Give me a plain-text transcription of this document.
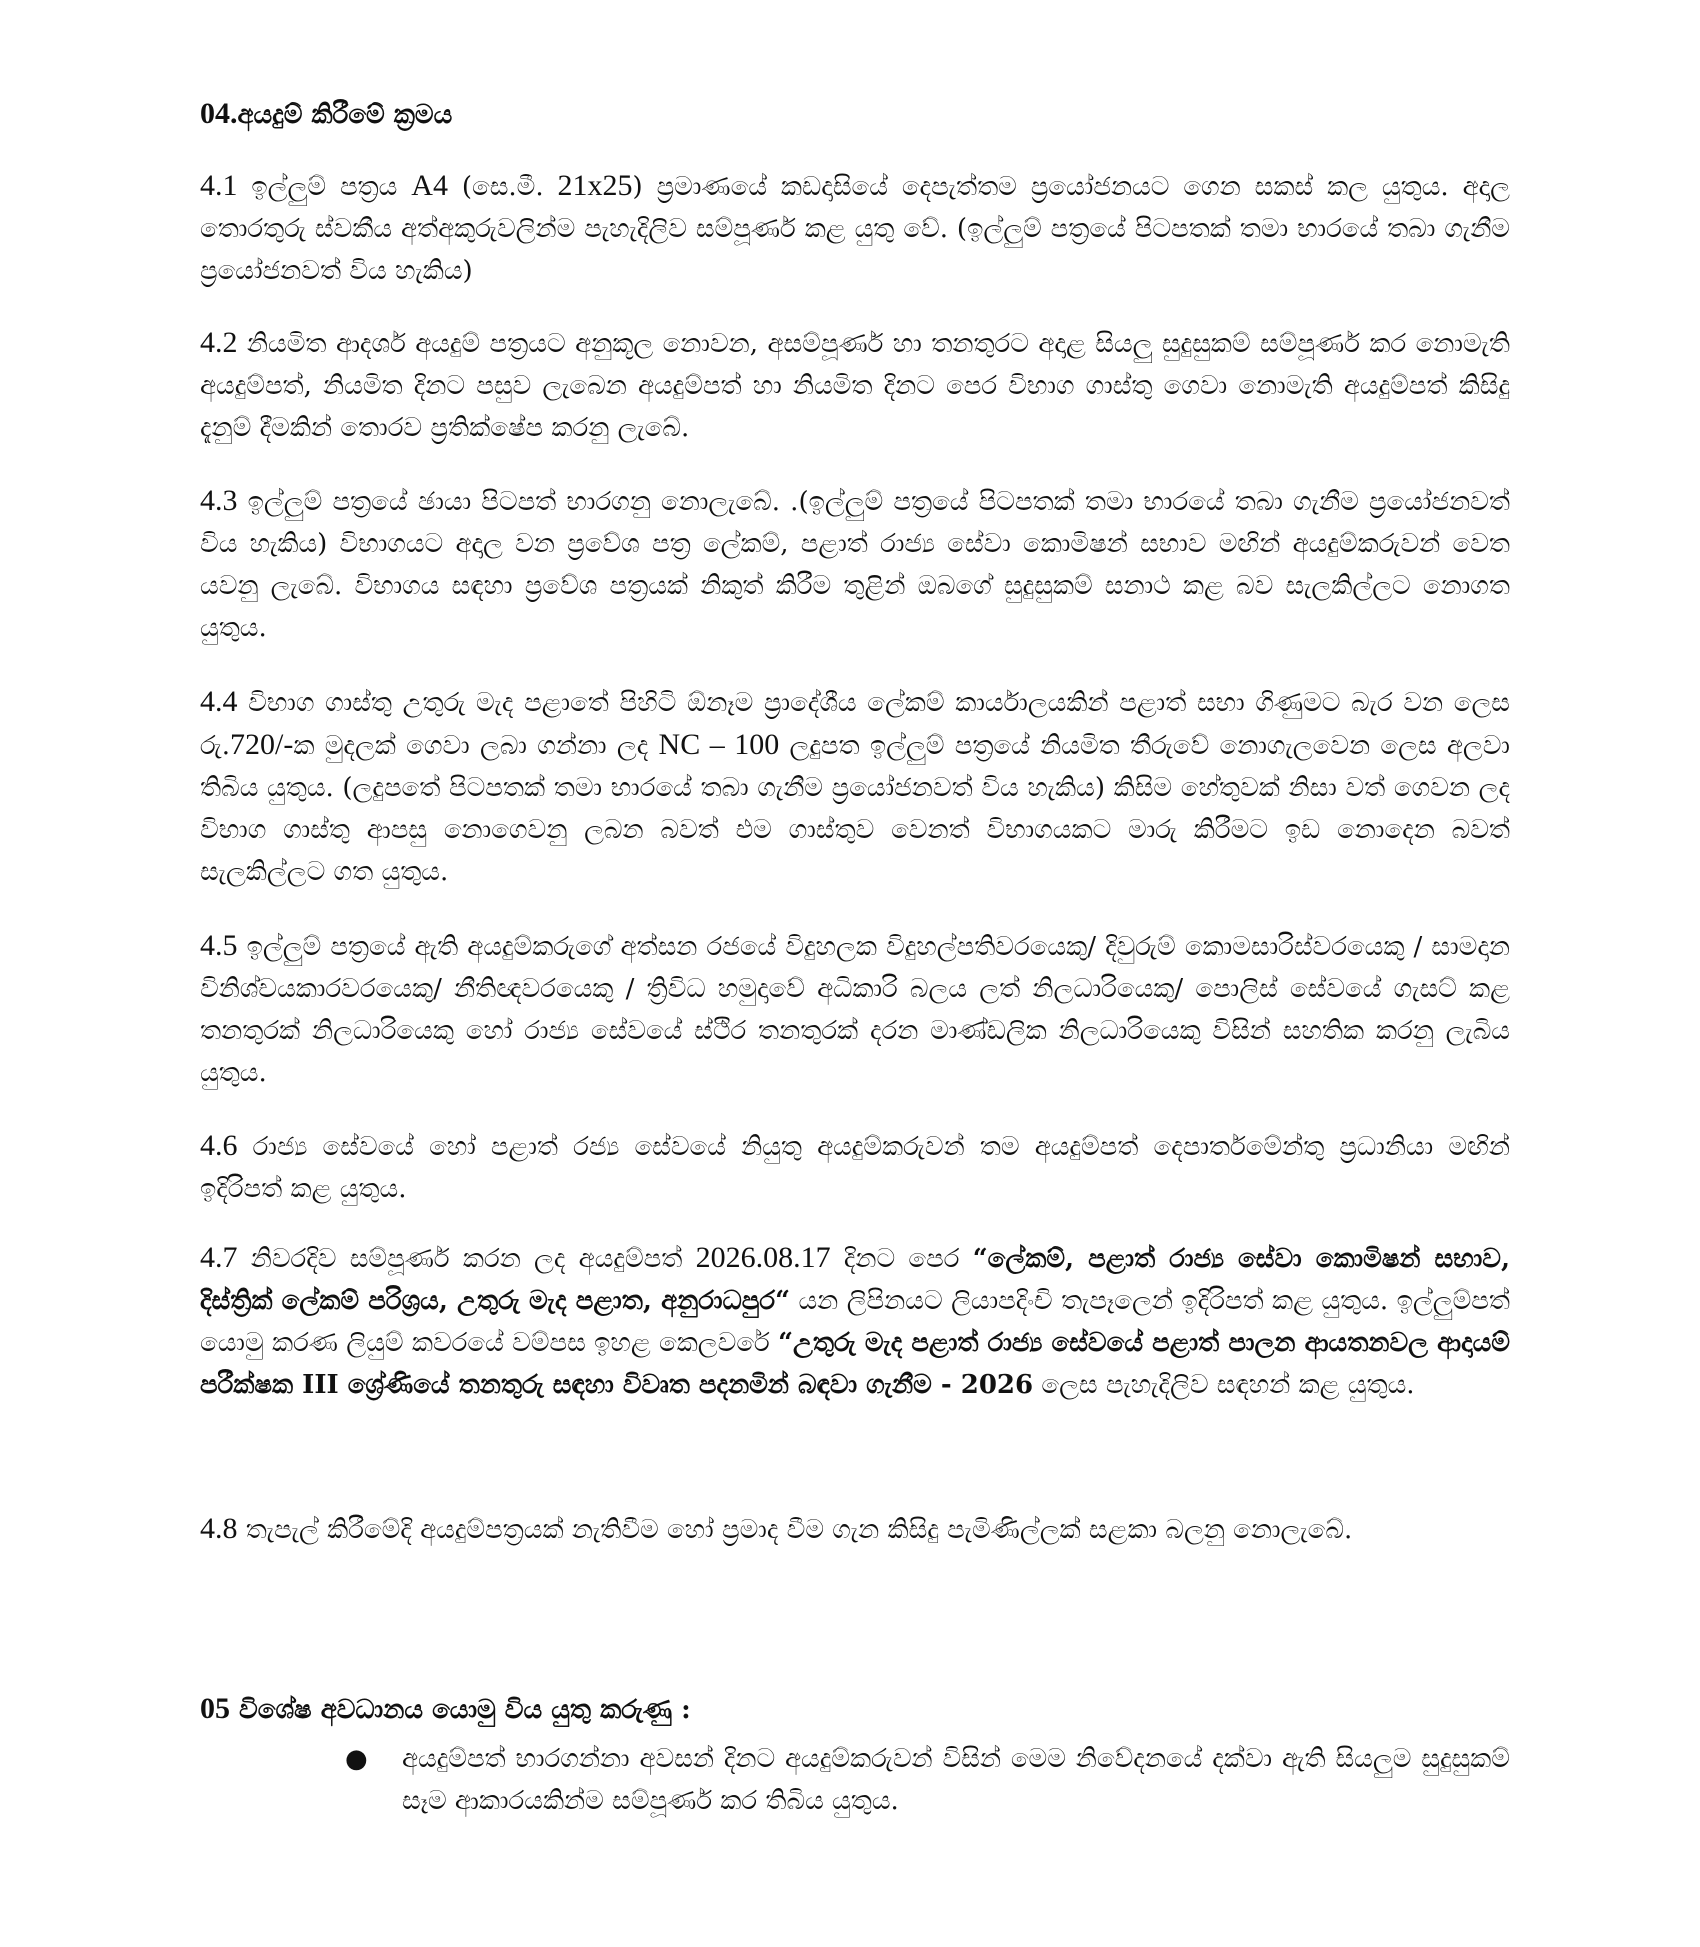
04.අයදුම් කිරීමේ ක්‍රමය
4.1 ඉල්ලුම් පත්‍රය A4 (සෙ.මී. 21x25) ප්‍රමාණයේ කඩදාසියේ දෙපැත්තම ප්‍රයෝජනයට ගෙන සකස් කල යුතුය. අදාල තොරතුරු ස්වකීය අත්අකුරුවලින්ම පැහැදිලිව සම්පූර්ණ කළ යුතු වේ. (ඉල්ලුම් පත්‍රයේ පිටපතක් තමා භාරයේ තබා ගැනීම ප්‍රයෝජනවත් විය හැකිය)
4.2 නියමිත ආදර්ශ අයදුම් පත්‍රයට අනුකූල නොවන, අසම්පූර්ණ හා තනතුරට අදාළ සියලු සුදුසුකම් සම්පූර්ණ කර නොමැති අයදුම්පත්, නියමිත දිනට පසුව ලැබෙන අයදුම්පත් හා නියමිත දිනට පෙර විභාග ගාස්තු ගෙවා නොමැති අයදුම්පත් කිසිදු දැනුම් දීමකින් තොරව ප්‍රතික්ෂේප කරනු ලැබේ.
4.3 ඉල්ලුම් පත්‍රයේ ඡායා පිටපත් භාරගනු නොලැබේ. .(ඉල්ලුම් පත්‍රයේ පිටපතක් තමා භාරයේ තබා ගැනීම ප්‍රයෝජනවත් විය හැකිය) විභාගයට අදාල වන ප්‍රවේශ පත්‍ර ලේකම්, පළාත් රාජ්‍ය සේවා කොමිෂන් සභාව මඟින් අයදුම්කරුවන් වෙත යවනු ලැබේ. විභාගය සඳහා ප්‍රවේශ පත්‍රයක් නිකුත් කිරීම තුළින් ඔබගේ සුදුසුකම් සනාථ කළ බව සැලකිල්ලට නොගත යුතුය.
4.4 විභාග ගාස්තු උතුරු මැද පළාතේ පිහිටි ඕනෑම ප්‍රාදේශීය ලේකම් කාර්යාලයකින් පළාත් සභා ගිණුමට බැර වන ලෙස රු.720/-ක මුදලක් ගෙවා ලබා ගන්නා ලද NC – 100 ලදුපත ඉල්ලුම් පත්‍රයේ නියමිත තීරුවේ නොගැලවෙන ලෙස අලවා තිබිය යුතුය. (ලදුපතේ පිටපතක් තමා භාරයේ තබා ගැනීම ප්‍රයෝජනවත් විය හැකිය) කිසිම හේතුවක් නිසා වත් ගෙවන ලද විභාග ගාස්තු ආපසු නොගෙවනු ලබන බවත් එම ගාස්තුව වෙනත් විභාගයකට මාරු කිරීමට ඉඩ නොදෙන බවත් සැලකිල්ලට ගත යුතුය.
4.5 ඉල්ලුම් පත්‍රයේ ඇති අයදුම්කරුගේ අත්සන රජයේ විදුහලක විදුහල්පතිවරයෙකු/ දිවුරුම් කොමසාරිස්වරයෙකු / සාමදාන විනිශ්චයකාරවරයෙකු/ නීතිඥවරයෙකු / ත්‍රිවිධ හමුදාවේ අධිකාරි බලය ලත් නිලධාරියෙකු/ පොලිස් සේවයේ ගැසට් කළ තනතුරක් නිලධාරියෙකු හෝ රාජ්‍ය සේවයේ ස්ථිර තනතුරක් දරන මාණ්ඩලික නිලධාරියෙකු විසින් සහතික කරනු ලැබිය යුතුය.
4.6 රාජ්‍ය සේවයේ හෝ පළාත් රජ්‍ය සේවයේ නියුතු අයදුම්කරුවන් තම අයදුම්පත් දෙපාර්තමේන්තු ප්‍රධානියා මඟින් ඉදිරිපත් කළ යුතුය.
4.7 නිවරදිව සම්පූර්ණ කරන ලද අයදුම්පත් 2026.08.17 දිනට පෙර “ලේකම්, පළාත් රාජ්‍ය සේවා කොමිෂන් සභාව, දිස්ත්‍රික් ලේකම් පරිශ්‍රය, උතුරු මැද පළාත, අනුරාධපුර“ යන ලිපිනයට ලියාපදිංචි තැපෑලෙන් ඉදිරිපත් කළ යුතුය. ඉල්ලුම්පත් යොමු කරණ ලියුම් කවරයේ වම්පස ඉහළ කෙලවරේ “උතුරු මැද පළාත් රාජ්‍ය සේවයේ පළාත් පාලන ආයතනවල ආදායම් පරීක්ෂක III ශ්‍රේණියේ තනතුරු සඳහා විවෘත පදනමින් බඳවා ගැනීම - 2026 ලෙස පැහැදිලිව සඳහන් කළ යුතුය.
4.8 තැපැල් කිරීමේදි අයදුම්පත්‍රයක් නැතිවීම හෝ ප්‍රමාද වීම ගැන කිසිදු පැමිණිල්ලක් සළකා බලනු නොලැබේ.
05 විශේෂ අවධානය යොමු විය යුතු කරුණු :
● අයදුම්පත් භාරගන්නා අවසන් දිනට අයදුම්කරුවන් විසින් මෙම නිවේදනයේ දක්වා ඇති සියලුම සුදුසුකම් සෑම ආකාරයකින්ම සම්පූර්ණ කර තිබිය යුතුය.
